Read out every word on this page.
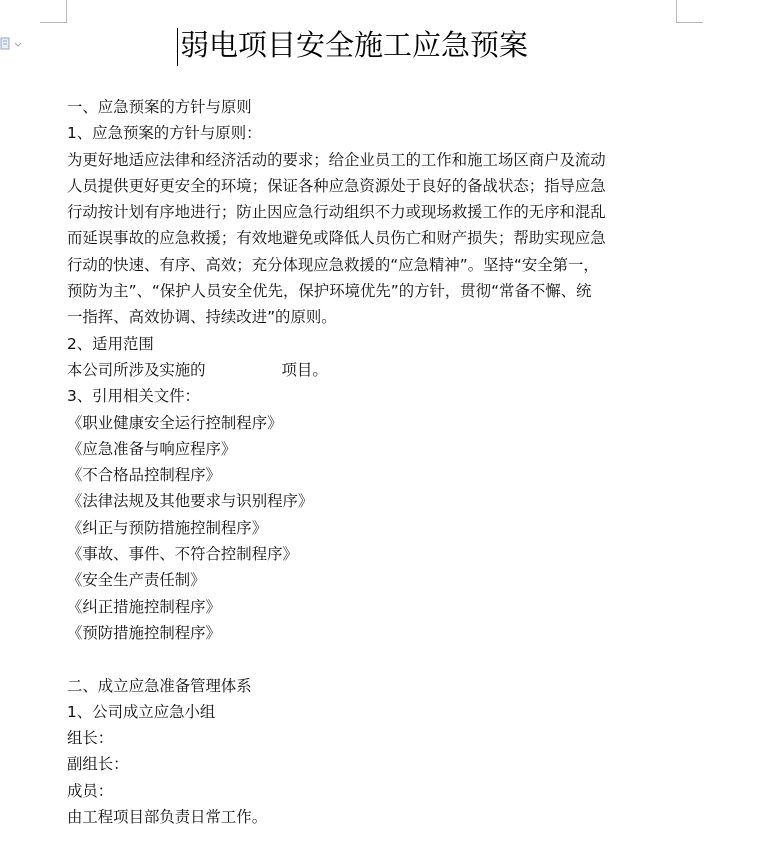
弱电项目安全施工应急预案
一、应急预案的方针与原则
1、应急预案的方针与原则：
为更好地适应法律和经济活动的要求；给企业员工的工作和施工场区商户及流动
人员提供更好更安全的环境；保证各种应急资源处于良好的备战状态；指导应急
行动按计划有序地进行；防止因应急行动组织不力或现场救援工作的无序和混乱
而延误事故的应急救援；有效地避免或降低人员伤亡和财产损失；帮助实现应急
行动的快速、有序、高效；充分体现应急救援的“应急精神”。坚持“安全第一，
预防为主”、“保护人员安全优先，保护环境优先”的方针，贯彻“常备不懈、统
一指挥、高效协调、持续改进”的原则。
2、适用范围
本公司所涉及实施的	项目。
3、引用相关文件：
《职业健康安全运行控制程序》
《应急准备与响应程序》
《不合格品控制程序》
《法律法规及其他要求与识别程序》
《纠正与预防措施控制程序》
《事故、事件、不符合控制程序》
《安全生产责任制》
《纠正措施控制程序》
《预防措施控制程序》
二、成立应急准备管理体系
1、公司成立应急小组
组长：
副组长：
成员：
由工程项目部负责日常工作。
